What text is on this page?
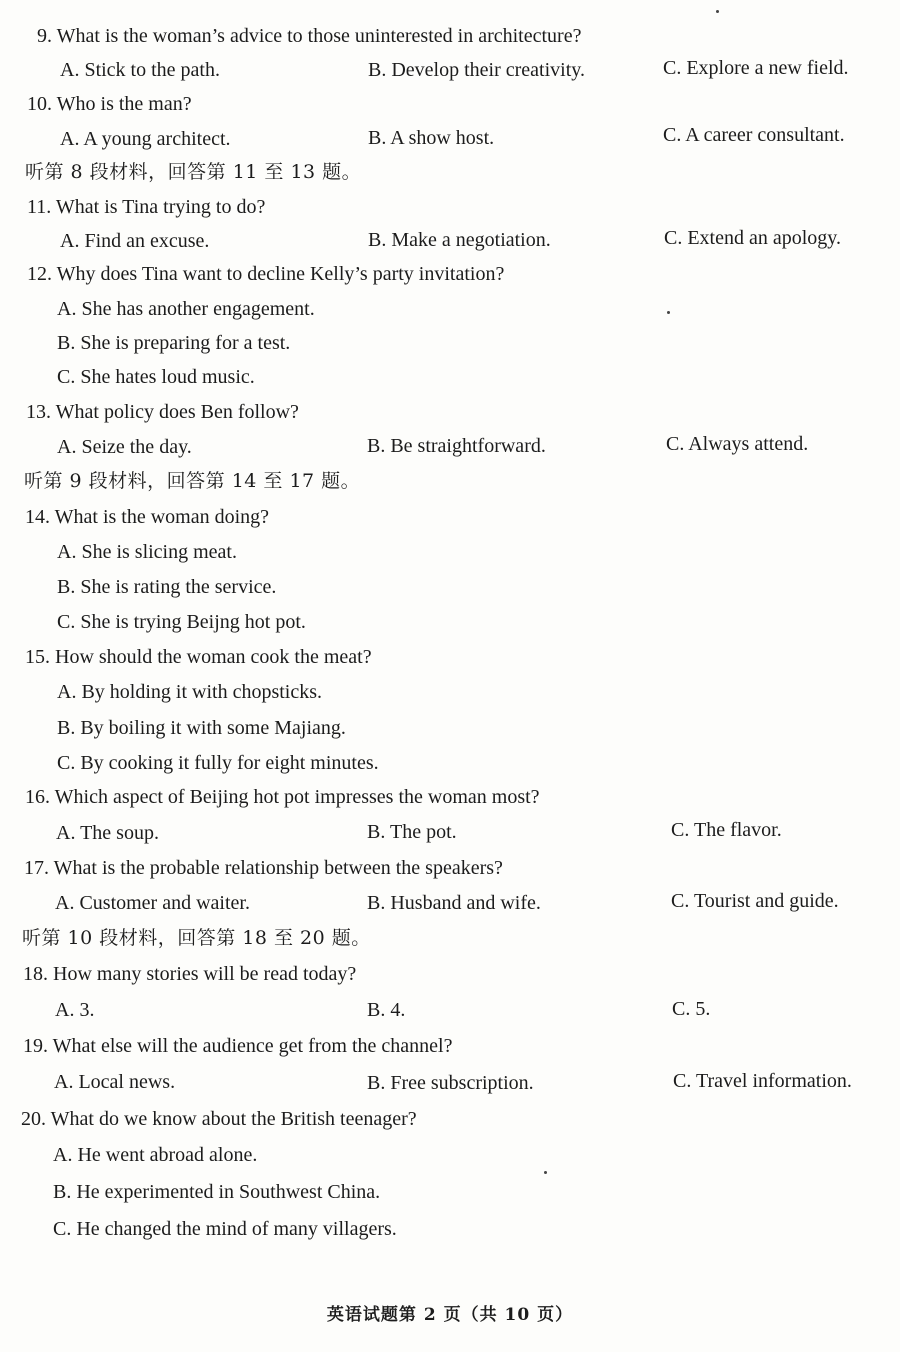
9. What is the woman’s advice to those uninterested in architecture?
A. Stick to the path.	B. Develop their creativity.	C. Explore a new field.
10. Who is the man?
A. A young architect.	B. A show host.	C. A career consultant.
听第 8 段材料，回答第 11 至 13 题。
11. What is Tina trying to do?
A. Find an excuse.	B. Make a negotiation.	C. Extend an apology.
12. Why does Tina want to decline Kelly’s party invitation?
A. She has another engagement.
B. She is preparing for a test.
C. She hates loud music.
13. What policy does Ben follow?
A. Seize the day.	B. Be straightforward.	C. Always attend.
听第 9 段材料，回答第 14 至 17 题。
14. What is the woman doing?
A. She is slicing meat.
B. She is rating the service.
C. She is trying Beijng hot pot.
15. How should the woman cook the meat?
A. By holding it with chopsticks.
B. By boiling it with some Majiang.
C. By cooking it fully for eight minutes.
16. Which aspect of Beijing hot pot impresses the woman most?
A. The soup.	B. The pot.	C. The flavor.
17. What is the probable relationship between the speakers?
A. Customer and waiter.	B. Husband and wife.	C. Tourist and guide.
听第 10 段材料，回答第 18 至 20 题。
18. How many stories will be read today?
A. 3.	B. 4.	C. 5.
19. What else will the audience get from the channel?
A. Local news.	B. Free subscription.	C. Travel information.
20. What do we know about the British teenager?
A. He went abroad alone.
B. He experimented in Southwest China.
C. He changed the mind of many villagers.
英语试题第 2 页（共 10 页）
